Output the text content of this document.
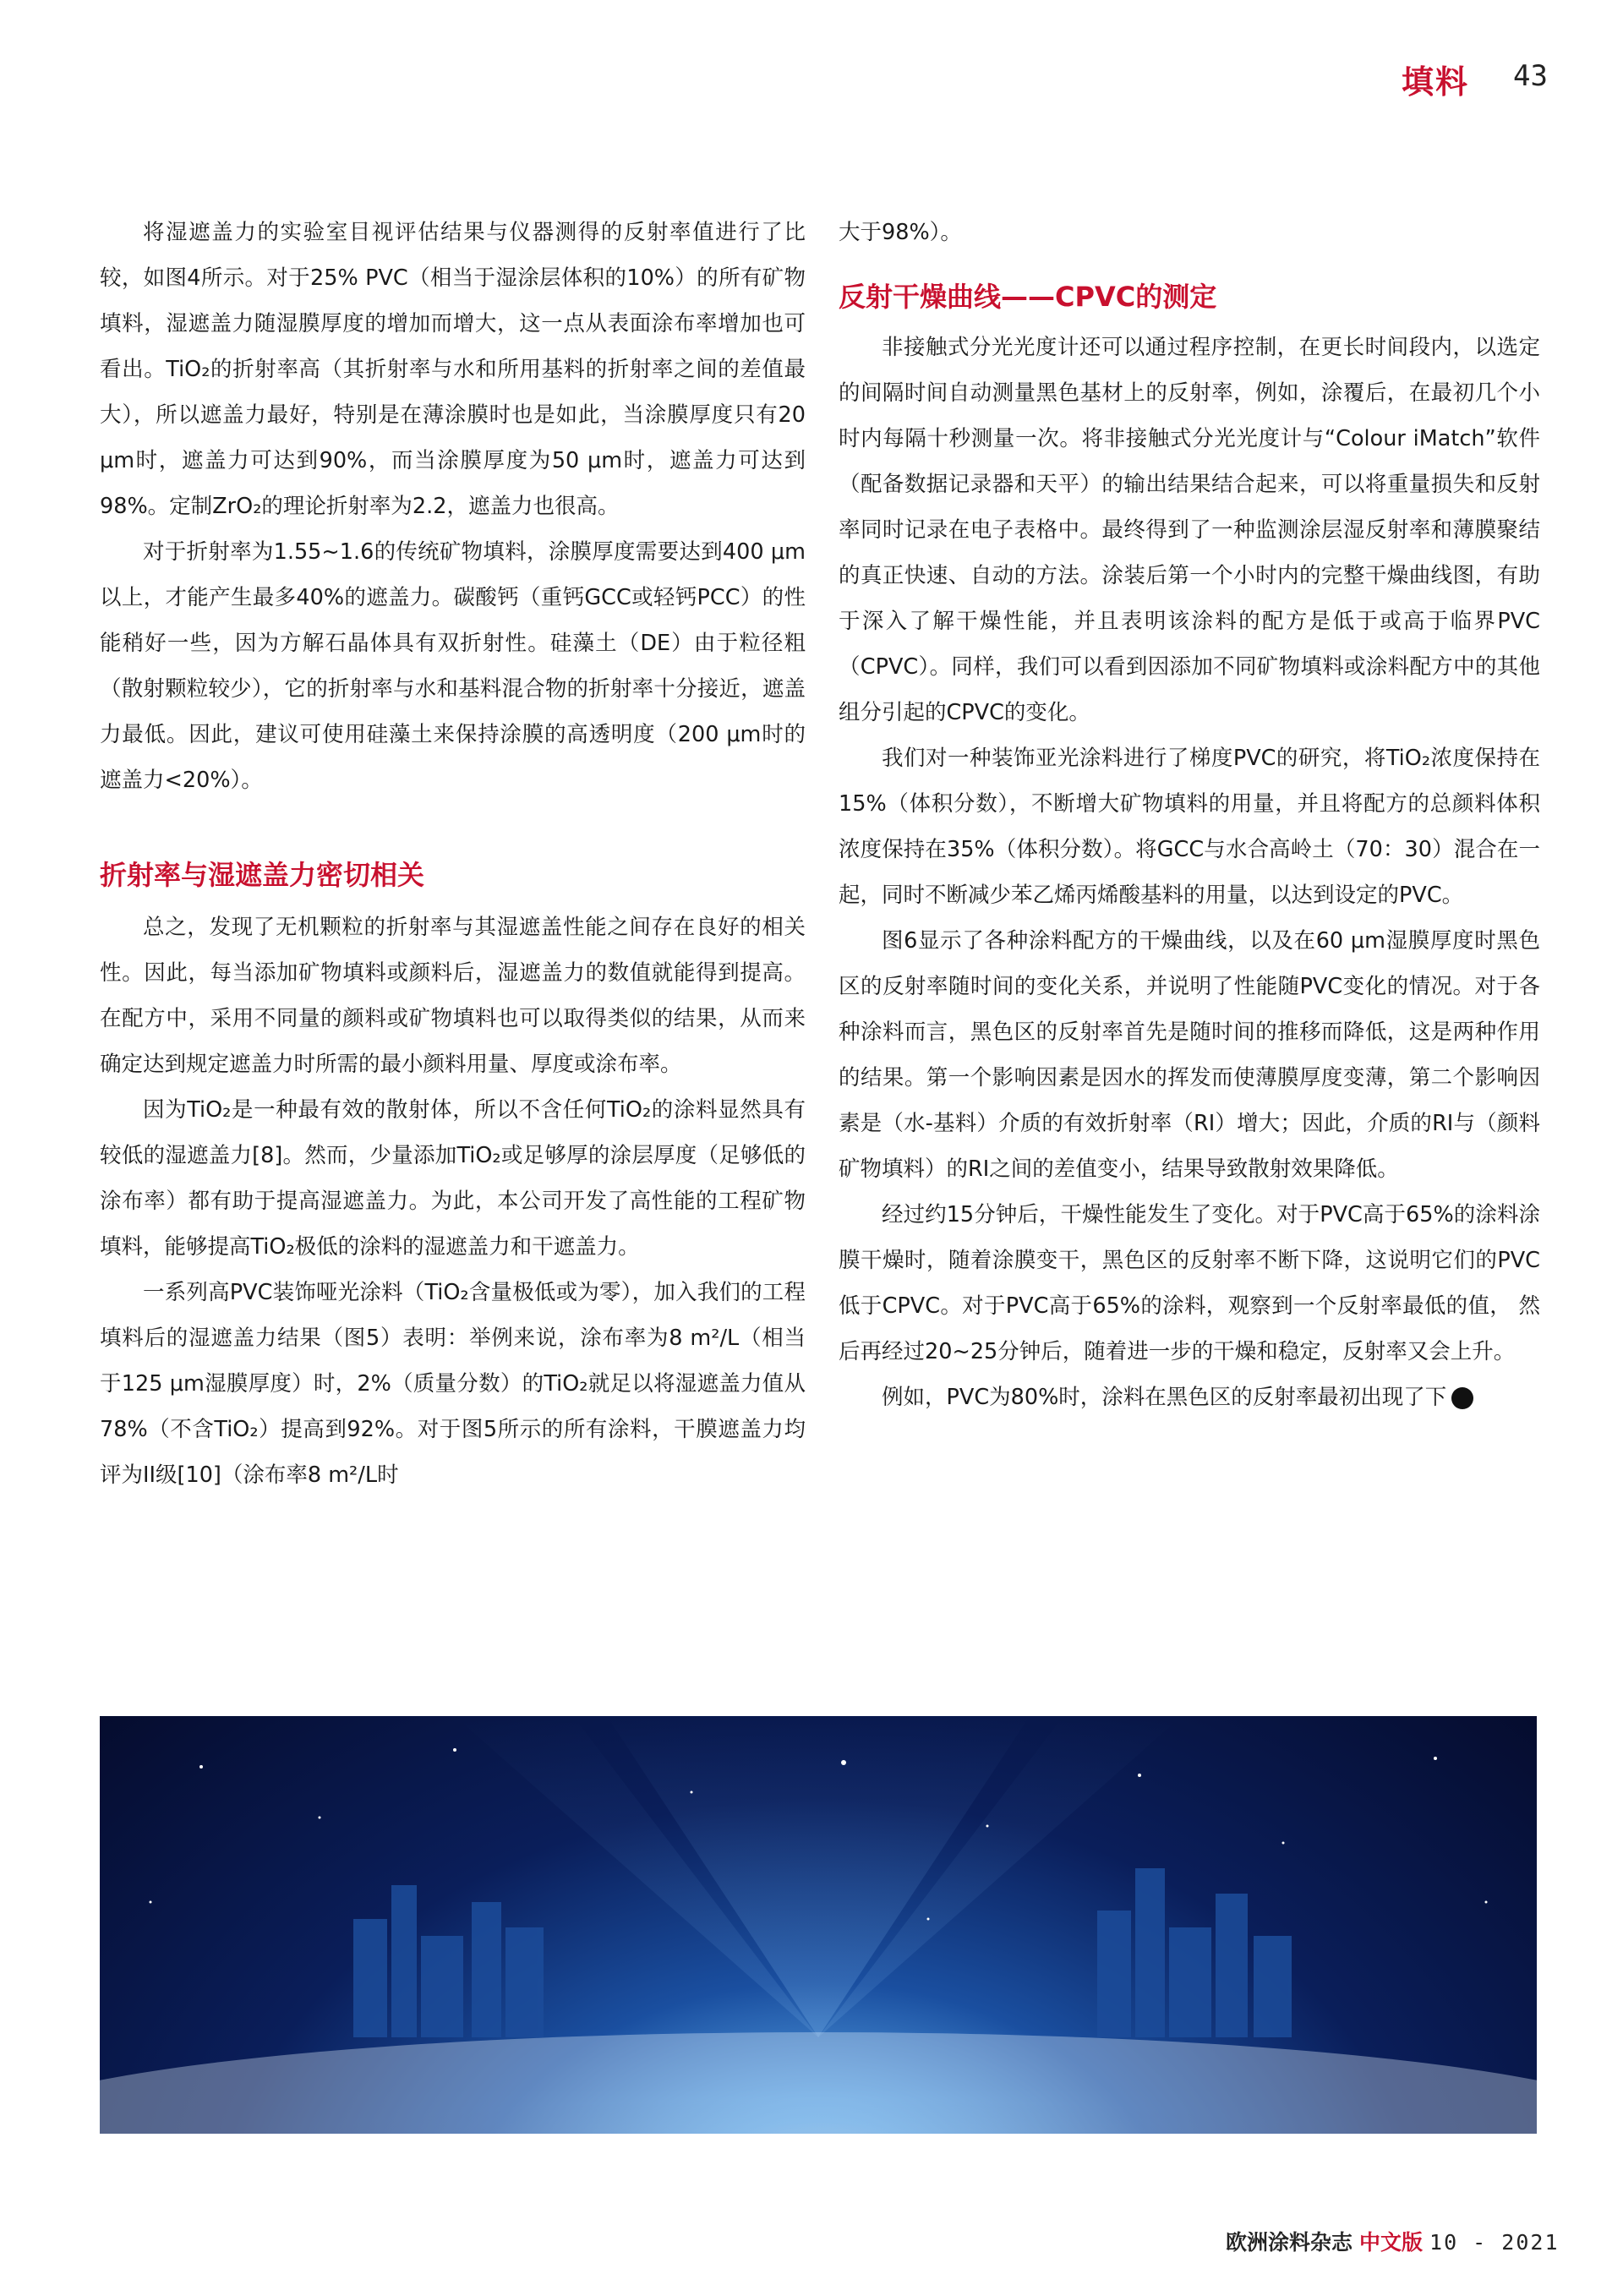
填料 43

将湿遮盖力的实验室目视评估结果与仪器测得的反射率值进行了比较，如图4所示。对于25% PVC（相当于湿涂层体积的10%）的所有矿物填料，湿遮盖力随湿膜厚度的增加而增大，这一点从表面涂布率增加也可看出。TiO₂的折射率高（其折射率与水和所用基料的折射率之间的差值最大），所以遮盖力最好，特别是在薄涂膜时也是如此，当涂膜厚度只有20 μm时，遮盖力可达到90%，而当涂膜厚度为50 μm时，遮盖力可达到98%。定制ZrO₂的理论折射率为2.2，遮盖力也很高。

对于折射率为1.55~1.6的传统矿物填料，涂膜厚度需要达到400 μm以上，才能产生最多40%的遮盖力。碳酸钙（重钙GCC或轻钙PCC）的性能稍好一些，因为方解石晶体具有双折射性。硅藻土（DE）由于粒径粗（散射颗粒较少），它的折射率与水和基料混合物的折射率十分接近，遮盖力最低。因此，建议可使用硅藻土来保持涂膜的高透明度（200 μm时的遮盖力<20%）。

折射率与湿遮盖力密切相关

总之，发现了无机颗粒的折射率与其湿遮盖性能之间存在良好的相关性。因此，每当添加矿物填料或颜料后，湿遮盖力的数值就能得到提高。在配方中，采用不同量的颜料或矿物填料也可以取得类似的结果，从而来确定达到规定遮盖力时所需的最小颜料用量、厚度或涂布率。

因为TiO₂是一种最有效的散射体，所以不含任何TiO₂的涂料显然具有较低的湿遮盖力[8]。然而，少量添加TiO₂或足够厚的涂层厚度（足够低的涂布率）都有助于提高湿遮盖力。为此，本公司开发了高性能的工程矿物填料，能够提高TiO₂极低的涂料的湿遮盖力和干遮盖力。

一系列高PVC装饰哑光涂料（TiO₂含量极低或为零），加入我们的工程填料后的湿遮盖力结果（图5）表明：举例来说，涂布率为8 m²/L（相当于125 μm湿膜厚度）时，2%（质量分数）的TiO₂就足以将湿遮盖力值从78%（不含TiO₂）提高到92%。对于图5所示的所有涂料，干膜遮盖力均评为II级[10]（涂布率8 m²/L时

大于98%）。

反射干燥曲线——CPVC的测定

非接触式分光光度计还可以通过程序控制，在更长时间段内，以选定的间隔时间自动测量黑色基材上的反射率，例如，涂覆后，在最初几个小时内每隔十秒测量一次。将非接触式分光光度计与“Colour iMatch”软件（配备数据记录器和天平）的输出结果结合起来，可以将重量损失和反射率同时记录在电子表格中。最终得到了一种监测涂层湿反射率和薄膜聚结的真正快速、自动的方法。涂装后第一个小时内的完整干燥曲线图，有助于深入了解干燥性能，并且表明该涂料的配方是低于或高于临界PVC（CPVC）。同样，我们可以看到因添加不同矿物填料或涂料配方中的其他组分引起的CPVC的变化。

我们对一种装饰亚光涂料进行了梯度PVC的研究，将TiO₂浓度保持在15%（体积分数），不断增大矿物填料的用量，并且将配方的总颜料体积浓度保持在35%（体积分数）。将GCC与水合高岭土（70：30）混合在一起，同时不断减少苯乙烯丙烯酸基料的用量，以达到设定的PVC。

图6显示了各种涂料配方的干燥曲线，以及在60 μm湿膜厚度时黑色区的反射率随时间的变化关系，并说明了性能随PVC变化的情况。对于各种涂料而言，黑色区的反射率首先是随时间的推移而降低，这是两种作用的结果。第一个影响因素是因水的挥发而使薄膜厚度变薄，第二个影响因素是（水-基料）介质的有效折射率（RI）增大；因此，介质的RI与（颜料矿物填料）的RI之间的差值变小，结果导致散射效果降低。

经过约15分钟后，干燥性能发生了变化。对于PVC高于65%的涂料涂膜干燥时，随着涂膜变干，黑色区的反射率不断下降，这说明它们的PVC低于CPVC。对于PVC高于65%的涂料，观察到一个反射率最低的值， 然后再经过20~25分钟后，随着进一步的干燥和稳定，反射率又会上升。

例如，PVC为80%时，涂料在黑色区的反射率最初出现了下	❯

欧洲涂料杂志 中文版 10 - 2021
